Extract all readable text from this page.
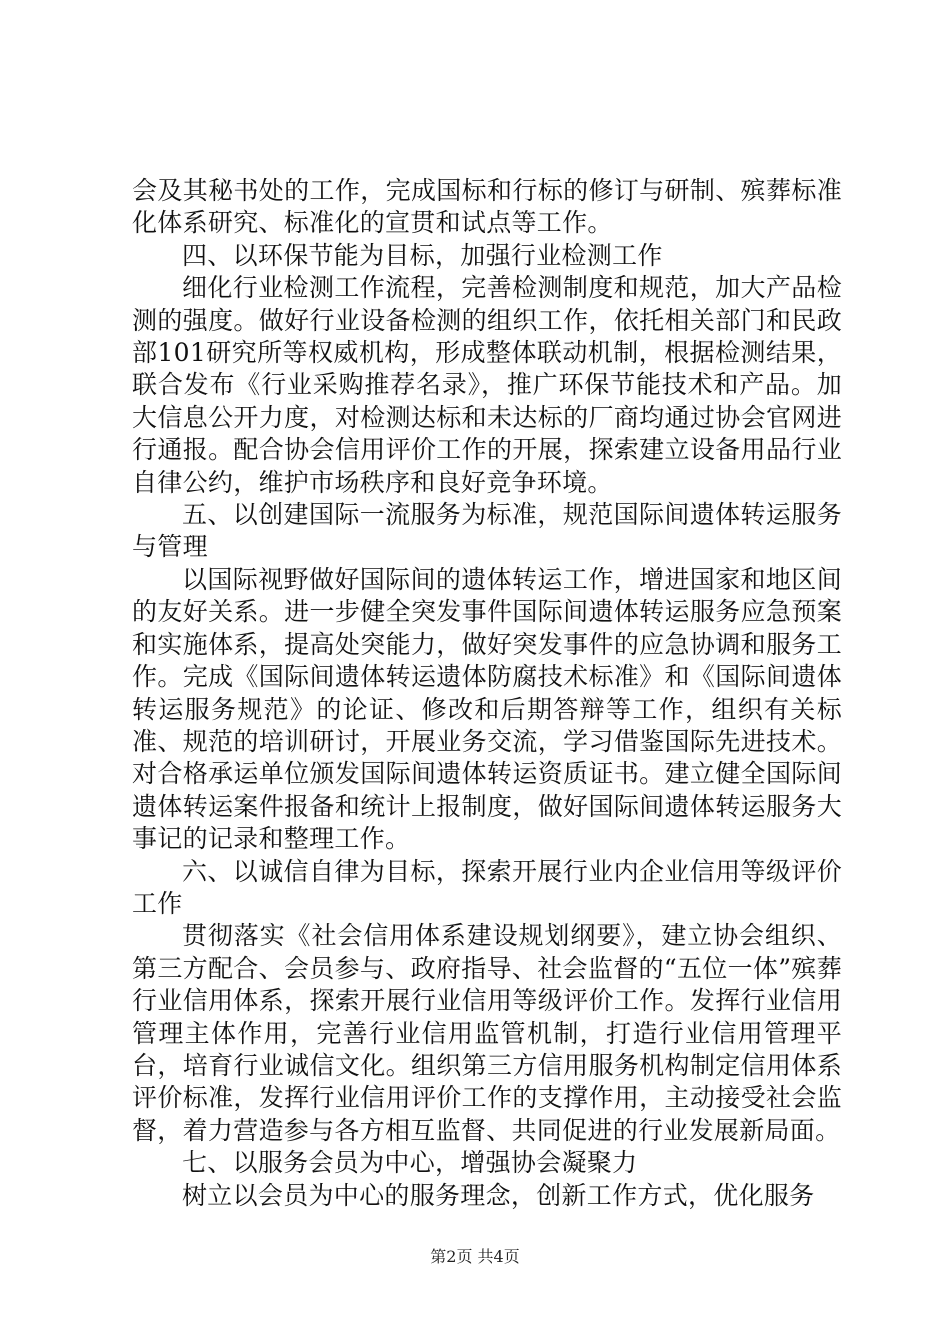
会及其秘书处的工作，完成国标和行标的修订与研制、殡葬标准化体系研究、标准化的宣贯和试点等工作。

四、以环保节能为目标，加强行业检测工作

细化行业检测工作流程，完善检测制度和规范，加大产品检测的强度。做好行业设备检测的组织工作，依托相关部门和民政部101研究所等权威机构，形成整体联动机制，根据检测结果，联合发布《行业采购推荐名录》，推广环保节能技术和产品。加大信息公开力度，对检测达标和未达标的厂商均通过协会官网进行通报。配合协会信用评价工作的开展，探索建立设备用品行业自律公约，维护市场秩序和良好竞争环境。

五、以创建国际一流服务为标准，规范国际间遗体转运服务与管理

以国际视野做好国际间的遗体转运工作，增进国家和地区间的友好关系。进一步健全突发事件国际间遗体转运服务应急预案和实施体系，提高处突能力，做好突发事件的应急协调和服务工作。完成《国际间遗体转运遗体防腐技术标准》和《国际间遗体转运服务规范》的论证、修改和后期答辩等工作，组织有关标准、规范的培训研讨，开展业务交流，学习借鉴国际先进技术。对合格承运单位颁发国际间遗体转运资质证书。建立健全国际间遗体转运案件报备和统计上报制度，做好国际间遗体转运服务大事记的记录和整理工作。

六、以诚信自律为目标，探索开展行业内企业信用等级评价工作

贯彻落实《社会信用体系建设规划纲要》，建立协会组织、第三方配合、会员参与、政府指导、社会监督的“五位一体”殡葬行业信用体系，探索开展行业信用等级评价工作。发挥行业信用管理主体作用，完善行业信用监管机制，打造行业信用管理平台，培育行业诚信文化。组织第三方信用服务机构制定信用体系评价标准，发挥行业信用评价工作的支撑作用，主动接受社会监督，着力营造参与各方相互监督、共同促进的行业发展新局面。

七、以服务会员为中心，增强协会凝聚力

树立以会员为中心的服务理念，创新工作方式，优化服务

第2页 共4页
